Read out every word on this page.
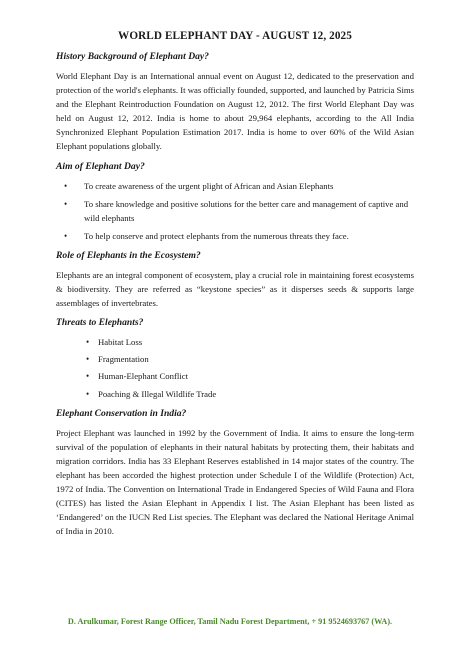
WORLD ELEPHANT DAY - AUGUST 12, 2025
History Background of Elephant Day?

World Elephant Day is an International annual event on August 12, dedicated to the preservation and protection of the world's elephants. It was officially founded, supported, and launched by Patricia Sims and the Elephant Reintroduction Foundation on August 12, 2012. The first World Elephant Day was held on August 12, 2012. India is home to about 29,964 elephants, according to the All India Synchronized Elephant Population Estimation 2017. India is home to over 60% of the Wild Asian Elephant populations globally.

Aim of Elephant Day?
• To create awareness of the urgent plight of African and Asian Elephants
• To share knowledge and positive solutions for the better care and management of captive and wild elephants
• To help conserve and protect elephants from the numerous threats they face.
Role of Elephants in the Ecosystem?

Elephants are an integral component of ecosystem, play a crucial role in maintaining forest ecosystems & biodiversity. They are referred as “keystone species” as it disperses seeds & supports large assemblages of invertebrates.

Threats to Elephants?
• Habitat Loss
• Fragmentation
• Human-Elephant Conflict
• Poaching & Illegal Wildlife Trade
Elephant Conservation in India?

Project Elephant was launched in 1992 by the Government of India. It aims to ensure the long-term survival of the population of elephants in their natural habitats by protecting them, their habitats and migration corridors. India has 33 Elephant Reserves established in 14 major states of the country. The elephant has been accorded the highest protection under Schedule I of the Wildlife (Protection) Act, 1972 of India. The Convention on International Trade in Endangered Species of Wild Fauna and Flora (CITES) has listed the Asian Elephant in Appendix I list. The Asian Elephant has been listed as ‘Endangered’ on the IUCN Red List species. The Elephant was declared the National Heritage Animal of India in 2010.

D. Arulkumar, Forest Range Officer, Tamil Nadu Forest Department, + 91 9524693767 (WA).
